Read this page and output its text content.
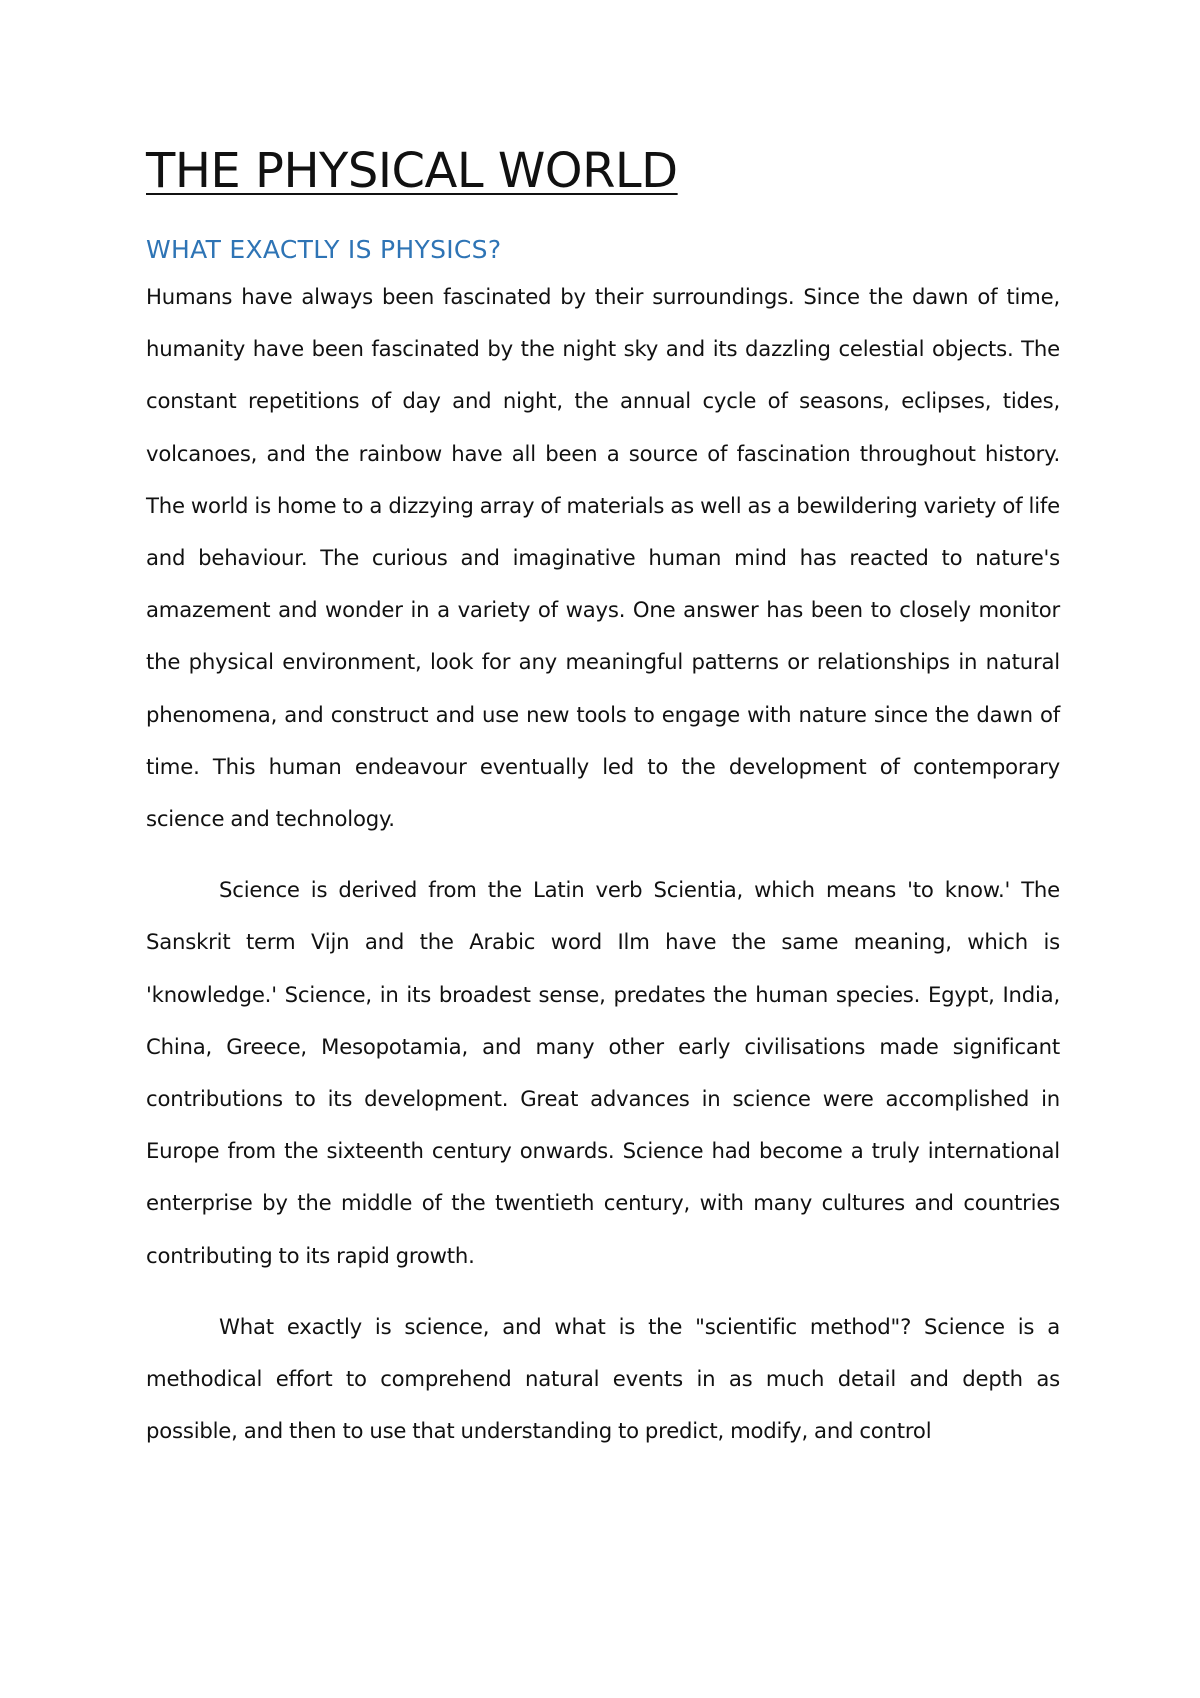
THE PHYSICAL WORLD
WHAT EXACTLY IS PHYSICS?

Humans have always been fascinated by their surroundings. Since the dawn of time, humanity have been fascinated by the night sky and its dazzling celestial objects. The constant repetitions of day and night, the annual cycle of seasons, eclipses, tides, volcanoes, and the rainbow have all been a source of fascination throughout history. The world is home to a dizzying array of materials as well as a bewildering variety of life and behaviour. The curious and imaginative human mind has reacted to nature's amazement and wonder in a variety of ways. One answer has been to closely monitor the physical environment, look for any meaningful patterns or relationships in natural phenomena, and construct and use new tools to engage with nature since the dawn of time. This human endeavour eventually led to the development of contemporary science and technology.

Science is derived from the Latin verb Scientia, which means 'to know.' The Sanskrit term Vijn and the Arabic word Ilm have the same meaning, which is 'knowledge.' Science, in its broadest sense, predates the human species. Egypt, India, China, Greece, Mesopotamia, and many other early civilisations made significant contributions to its development. Great advances in science were accomplished in Europe from the sixteenth century onwards. Science had become a truly international enterprise by the middle of the twentieth century, with many cultures and countries contributing to its rapid growth.

What exactly is science, and what is the "scientific method"? Science is a methodical effort to comprehend natural events in as much detail and depth as possible, and then to use that understanding to predict, modify, and control
